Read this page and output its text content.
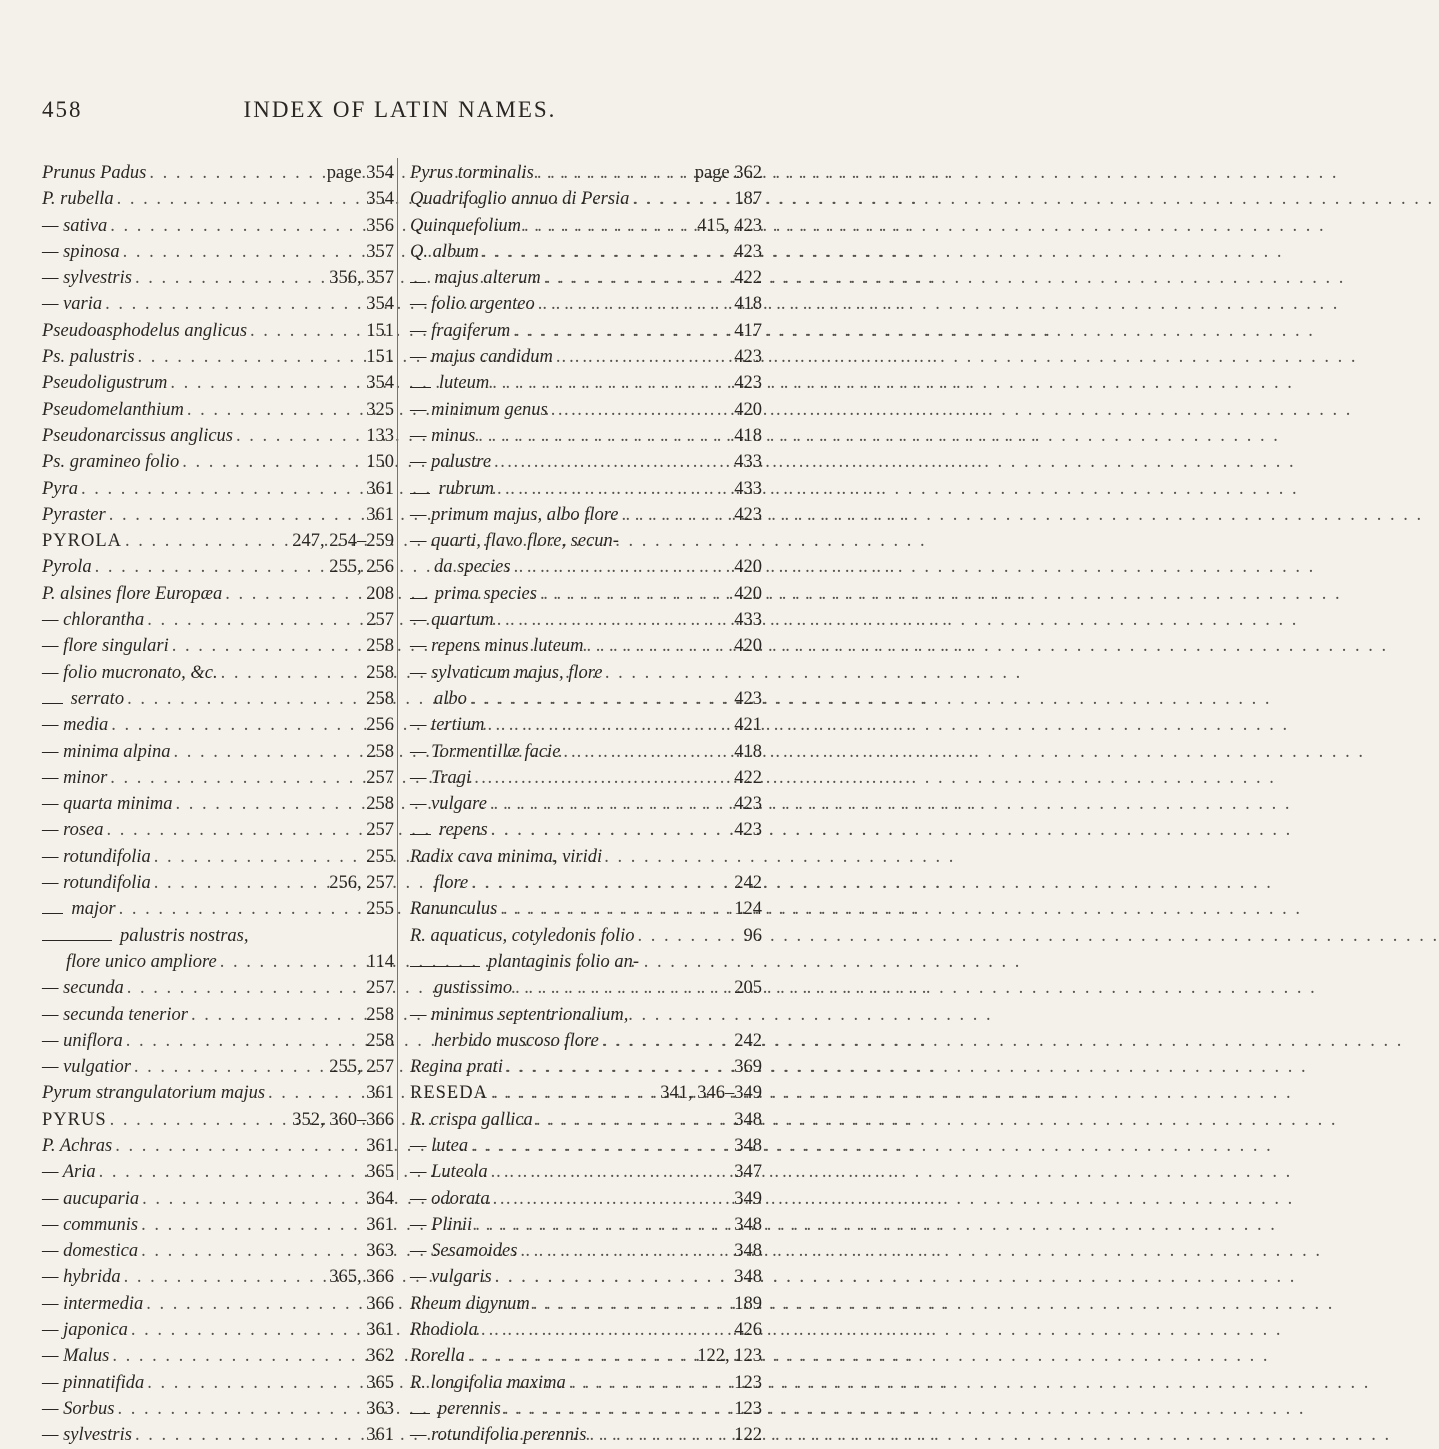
458	INDEX OF LATIN NAMES.
Prunus Padus . . .	page 354
P. rubella . . .	354
— sativa . . .	356
— spinosa . . .	357
— sylvestris . . .	356, 357
— varia . . .	354
Pseudoasphodelus anglicus . . .	151
Ps. palustris . . .	151
Pseudoligustrum . . .	354
Pseudomelanthium . . .	325
Pseudonarcissus anglicus . . .	133
Ps. gramineo folio . . .	150
Pyra . . .	361
Pyraster . . .	361
PYROLA . . .	247, 254–259
Pyrola . . .	255, 256
P. alsines flore Europæa . . .	208
— chlorantha . . .	257
— flore singulari . . .	258
— folio mucronato, &c. . . .	258
serrato . . .	258
— media . . .	256
— minima alpina . . .	258
— minor . . .	257
— quarta minima . . .	258
— rosea . . .	257
— rotundifolia . . .	255
— rotundifolia . . .	256, 257
major . . .	255
palustris nostras,
flore unico ampliore . . .	114
— secunda . . .	257
— secunda tenerior . . .	258
— uniflora . . .	258
— vulgatior . . .	255, 257
Pyrum strangulatorium majus . . .	361
PYRUS . . .	352, 360–366
P. Achras . . .	361
— Aria . . .	365
— aucuparia . . .	364
— communis . . .	361
— domestica . . .	363
— hybrida . . .	365, 366
— intermedia . . .	366
— japonica . . .	361
— Malus . . .	362
— pinnatifida . . .	365
— Sorbus . . .	363
— sylvestris . . .	361
Pyrus torminalis . . .	page 362
Quadrifoglio annuo di Persia . . .	187
Quinquefolium . . .	415, 423
Q. album . . .	423
majus alterum . . .	422
— folio argenteo . . .	418
— fragiferum . . .	417
— majus candidum . . .	423
luteum . . .	423
— minimum genus . . .	420
— minus . . .	418
— palustre . . .	433
rubrum . . .	433
— primum majus, albo flore . . .	423
— quarti, flavo flore, secun-
da species . . .	420
prima species . . .	420
— quartum . . .	433
— repens minus luteum . . .	420
— sylvaticum majus, flore
albo . . .	423
— tertium . . .	421
— Tormentillæ facie . . .	418
— Tragi . . .	422
— vulgare . . .	423
repens . . .	423
Radix cava minima, viridi
flore . . .	242
Ranunculus . . .	124
R. aquaticus, cotyledonis folio . . .	96
plantaginis folio an-
gustissimo . . .	205
— minimus septentrionalium,
herbido muscoso flore . . .	242
Regina prati . . .	369
RESEDA . . .	341, 346–349
R. crispa gallica . . .	348
— lutea . . .	348
— Luteola . . .	347
— odorata . . .	349
— Plinii . . .	348
— Sesamoides . . .	348
— vulgaris . . .	348
Rheum digynum . . .	189
Rhodiola . . .	426
Rorella . . .	122, 123
R. longifolia maxima . . .	123
perennis . . .	123
— rotundifolia perennis . . .	122
